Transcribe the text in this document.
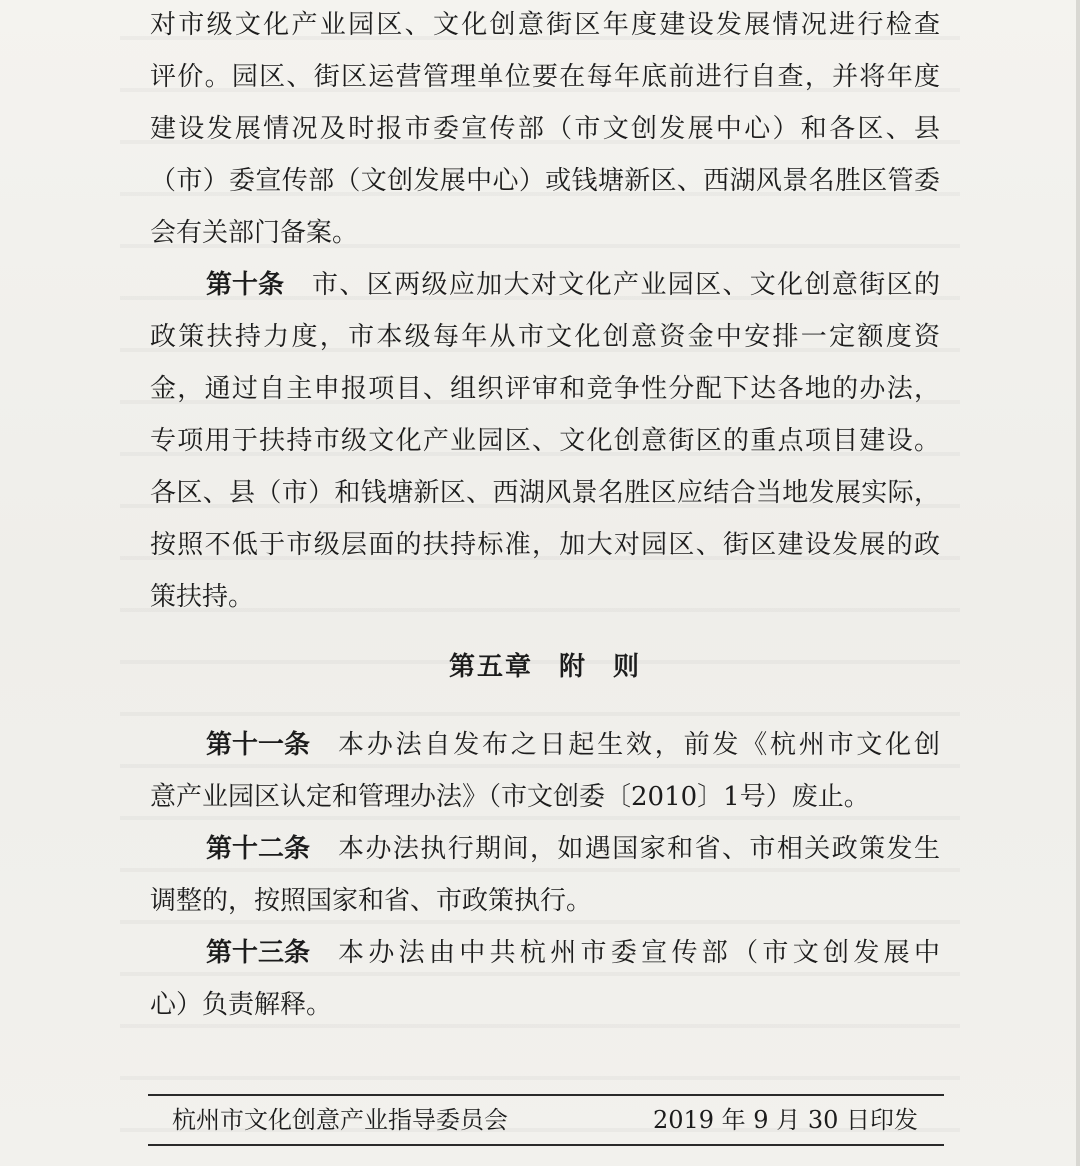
对市级文化产业园区、文化创意街区年度建设发展情况进行检查
评价。园区、街区运营管理单位要在每年底前进行自查，并将年度
建设发展情况及时报市委宣传部（市文创发展中心）和各区、县
（市）委宣传部（文创发展中心）或钱塘新区、西湖风景名胜区管委
会有关部门备案。
第十条 市、区两级应加大对文化产业园区、文化创意街区的
政策扶持力度，市本级每年从市文化创意资金中安排一定额度资
金，通过自主申报项目、组织评审和竞争性分配下达各地的办法，
专项用于扶持市级文化产业园区、文化创意街区的重点项目建设。
各区、县（市）和钱塘新区、西湖风景名胜区应结合当地发展实际，
按照不低于市级层面的扶持标准，加大对园区、街区建设发展的政
策扶持。
第五章 附 则
第十一条 本办法自发布之日起生效，前发《杭州市文化创
意产业园区认定和管理办法》（市文创委〔2010〕1号）废止。
第十二条 本办法执行期间，如遇国家和省、市相关政策发生
调整的，按照国家和省、市政策执行。
第十三条 本办法由中共杭州市委宣传部（市文创发展中
心）负责解释。
杭州市文化创意产业指导委员会	2019 年 9 月 30 日印发
